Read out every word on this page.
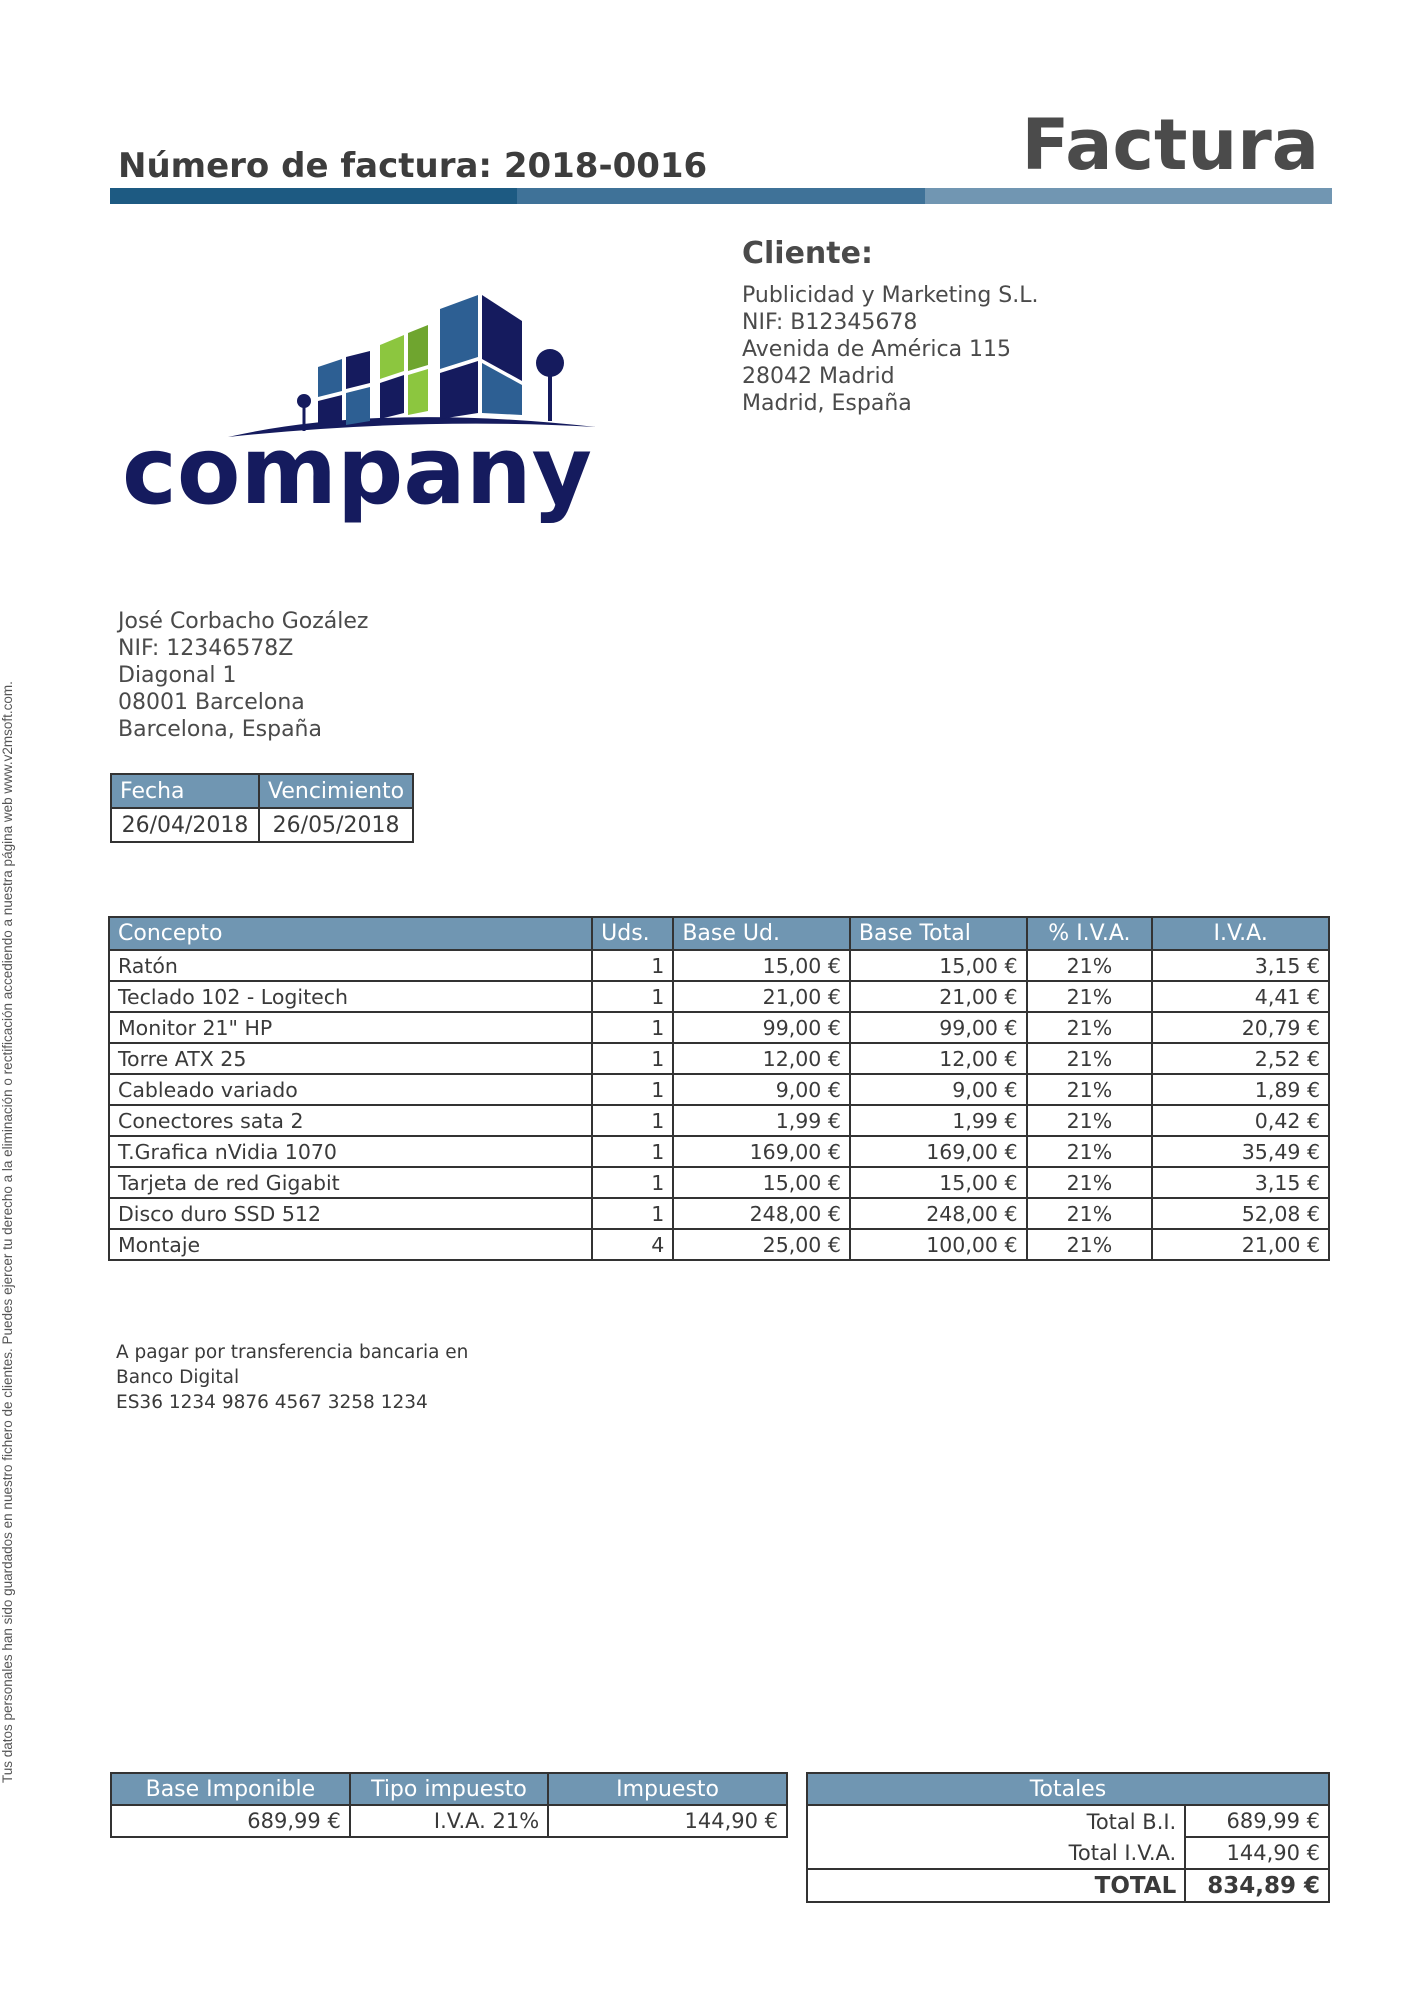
Número de factura: 2018-0016	Factura
company
Cliente:
Publicidad y Marketing S.L.
NIF: B12345678
Avenida de América 115
28042 Madrid
Madrid, España
José Corbacho Gozález
NIF: 12346578Z
Diagonal 1
08001 Barcelona
Barcelona, España
Fecha	Vencimiento
26/04/2018	26/05/2018
Concepto	Uds.	Base Ud.	Base Total	% I.V.A.	I.V.A.
Ratón	1	15,00 €	15,00 €	21%	3,15 €
Teclado 102 - Logitech	1	21,00 €	21,00 €	21%	4,41 €
Monitor 21" HP	1	99,00 €	99,00 €	21%	20,79 €
Torre ATX 25	1	12,00 €	12,00 €	21%	2,52 €
Cableado variado	1	9,00 €	9,00 €	21%	1,89 €
Conectores sata 2	1	1,99 €	1,99 €	21%	0,42 €
T.Grafica nVidia 1070	1	169,00 €	169,00 €	21%	35,49 €
Tarjeta de red Gigabit	1	15,00 €	15,00 €	21%	3,15 €
Disco duro SSD 512	1	248,00 €	248,00 €	21%	52,08 €
Montaje	4	25,00 €	100,00 €	21%	21,00 €
A pagar por transferencia bancaria en
Banco Digital
ES36 1234 9876 4567 3258 1234
Base Imponible	Tipo impuesto	Impuesto
689,99 €	I.V.A. 21%	144,90 €
Totales	
Total B.I.	689,99 €
Total I.V.A.	144,90 €
TOTAL	834,89 €
Tus datos personales han sido guardados en nuestro fichero de clientes. Puedes ejercer tu derecho a la eliminación o rectificación accediendo a nuestra página web www.v2msoft.com.
